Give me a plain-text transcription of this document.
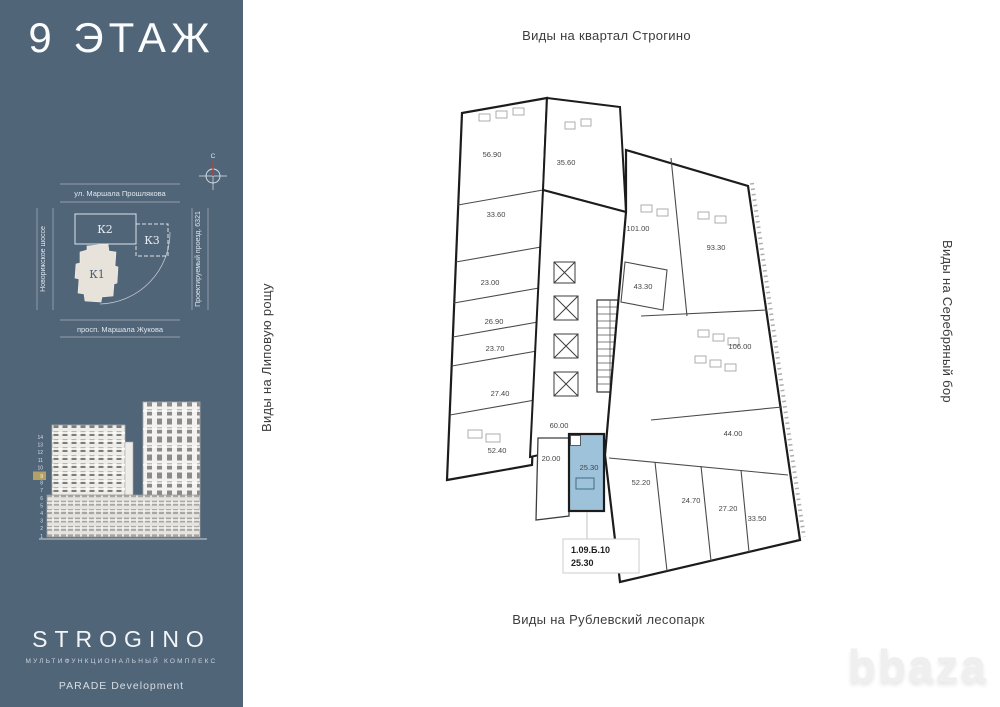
9 ЭТАЖ
С
ул. Маршала Прошлякова
просп. Маршала Жукова
Новорижское шоссе	Проектируемый проезд. 6321
К2
К3
К1
14
13
12
11
10
9
8
7
6
5
4
3
2
1
STROGINO
МУЛЬТИФУНКЦИОНАЛЬНЫЙ КОМПЛЕКС
PARADE Development
Виды на квартал Строгино
Виды на Рублевский лесопарк
Виды на Липовую рощу	Виды на Серебряный бор
56.90
35.60
101.00
93.30
33.60
23.00
26.90
23.70
27.40
43.30
106.00
44.00
52.40
20.00
25.30
52.20
24.70
27.20
33.50
60.00
1.09.Б.10
25.30
bbaza
